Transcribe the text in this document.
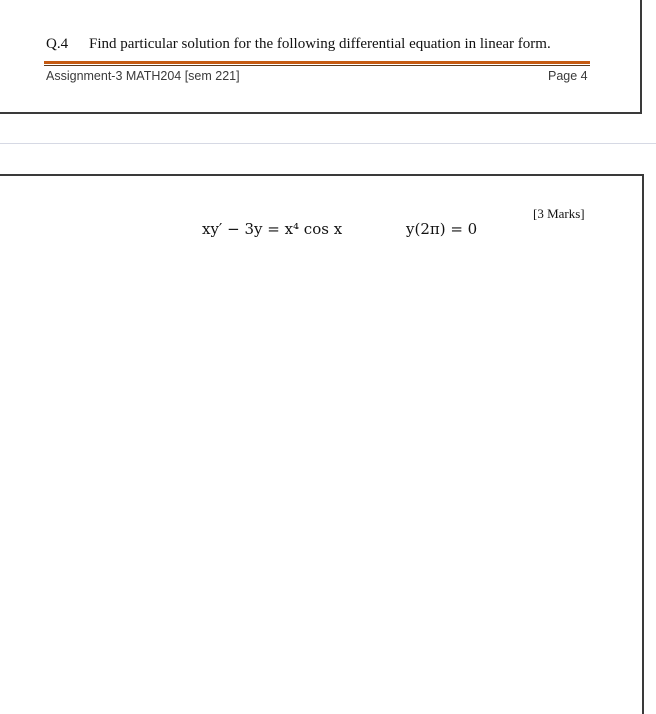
Q.4 Find particular solution for the following differential equation in linear form.
Assignment-3 MATH204 [sem 221]	Page 4
[3 Marks]
xy′ − 3y = x⁴ cos x	y(2π) = 0
